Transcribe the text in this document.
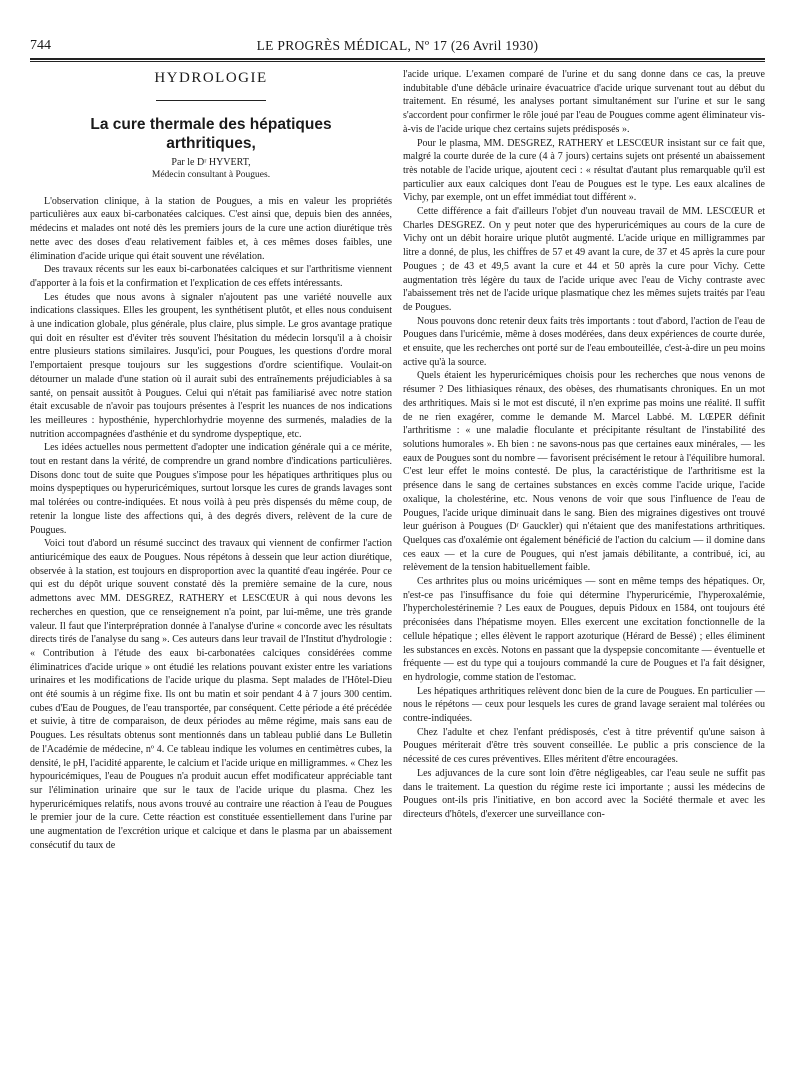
744	LE PROGRÈS MÉDICAL, Nº 17 (26 Avril 1930)
HYDROLOGIE
La cure thermale des hépatiques
arthritiques,
Par le Dʳ HYVERT,
Médecin consultant à Pougues.

L'observation clinique, à la station de Pougues, a mis en valeur les propriétés particulières aux eaux bi-carbonatées calciques. C'est ainsi que, depuis bien des années, médecins et malades ont noté dès les premiers jours de la cure une action diurétique très nette avec des doses d'eau relativement faibles et, à ces mêmes doses faibles, une élimination d'acide urique qui était souvent une révélation.

Des travaux récents sur les eaux bi-carbonatées calciques et sur l'arthritisme viennent d'apporter à la fois et la confirmation et l'explication de ces effets intéressants.

Les études que nous avons à signaler n'ajoutent pas une variété nouvelle aux indications classiques. Elles les groupent, les synthétisent plutôt, et elles nous conduisent à une indication globale, plus générale, plus claire, plus simple. Le gros avantage pratique qui doit en résulter est d'éviter très souvent l'hésitation du médecin lorsqu'il a à choisir entre plusieurs stations similaires. Jusqu'ici, pour Pougues, les questions d'ordre moral l'emportaient presque toujours sur les suggestions d'ordre scientifique. Voulait-on détourner un malade d'une station où il aurait subi des entraînements préjudiciables à sa santé, on pensait aussitôt à Pougues. Celui qui n'était pas familiarisé avec notre station était excusable de n'avoir pas toujours présentes à l'esprit les nuances de nos indications les meilleures : hyposthénie, hyperchlorhydrie moyenne des surmenés, maladies de la nutrition accompagnées d'asthénie et du syndrome dyspeptique, etc.

Les idées actuelles nous permettent d'adopter une indication générale qui a ce mérite, tout en restant dans la vérité, de comprendre un grand nombre d'indications particulières. Disons donc tout de suite que Pougues s'impose pour les hépatiques arthritiques plus ou moins dyspeptiques ou hyperuricémiques, surtout lorsque les cures de grands lavages sont mal tolérées ou contre-indiquées. Et nous voilà à peu près dispensés du même coup, de retenir la longue liste des affections qui, à des degrés divers, relèvent de la cure de Pougues.

Voici tout d'abord un résumé succinct des travaux qui viennent de confirmer l'action antiuricémique des eaux de Pougues. Nous répétons à dessein que leur action diurétique, observée à la station, est toujours en disproportion avec la quantité d'eau ingérée. Pour ce qui est du dépôt urique souvent constaté dès la première semaine de la cure, nous admettons avec MM. DESGREZ, RATHERY et LESCŒUR à qui nous devons les recherches en question, que ce renseignement n'a point, par lui-même, une très grande valeur. Il faut que l'interprépration donnée à l'analyse d'urine « concorde avec les résultats directs tirés de l'analyse du sang ». Ces auteurs dans leur travail de l'Institut d'hydrologie : « Contribution à l'étude des eaux bi-carbonatées calciques considérées comme éliminatrices d'acide urique » ont étudié les relations pouvant exister entre les variations urinaires et les modifications de l'acide urique du plasma. Sept malades de l'Hôtel-Dieu ont été soumis à un régime fixe. Ils ont bu matin et soir pendant 4 à 7 jours 300 centim. cubes d'Eau de Pougues, de l'eau transportée, par conséquent. Cette période a été précédée et suivie, à titre de comparaison, de deux périodes au même régime, mais sans eau de Pougues. Les résultats obtenus sont mentionnés dans un tableau publié dans Le Bulletin de l'Académie de médecine, nº 4. Ce tableau indique les volumes en centimètres cubes, la densité, le pH, l'acidité apparente, le calcium et l'acide urique en milligrammes. « Chez les hypouricémiques, l'eau de Pougues n'a produit aucun effet modificateur appréciable tant sur l'élimination urinaire que sur le taux de l'acide urique du plasma. Chez les hyperuricémiques relatifs, nous avons trouvé au contraire une réaction à l'eau de Pougues le premier jour de la cure. Cette réaction est constituée essentiellement dans l'urine par une augmentation de l'excrétion urique et calcique et dans le plasma par un abaissement consécutif du taux de

l'acide urique. L'examen comparé de l'urine et du sang donne dans ce cas, la preuve indubitable d'une débâcle urinaire évacuatrice d'acide urique survenant tout au début du traitement. En résumé, les analyses portant simultanément sur l'urine et sur le sang s'accordent pour confirmer le rôle joué par l'eau de Pougues comme agent éliminateur vis-à-vis de l'acide urique chez certains sujets prédisposés ».

Pour le plasma, MM. DESGREZ, RATHERY et LESCŒUR insistant sur ce fait que, malgré la courte durée de la cure (4 à 7 jours) certains sujets ont présenté un abaissement très notable de l'acide urique, ajoutent ceci : « résultat d'autant plus remarquable qu'il est particulier aux eaux calciques dont l'eau de Pougues est le type. Les eaux alcalines de Vichy, par exemple, ont un effet immédiat tout différent ».

Cette différence a fait d'ailleurs l'objet d'un nouveau travail de MM. LESCŒUR et Charles DESGREZ. On y peut noter que des hyperuricémiques au cours de la cure de Vichy ont un débit horaire urique plutôt augmenté. L'acide urique en milligrammes par litre a donné, de plus, les chiffres de 57 et 49 avant la cure, de 37 et 45 après la cure pour Pougues ; de 43 et 49,5 avant la cure et 44 et 50 après la cure pour Vichy. Cette augmentation très légère du taux de l'acide urique avec l'eau de Vichy contraste avec l'abaissement très net de l'acide urique plasmatique chez les mêmes sujets traités par l'eau de Pougues.

Nous pouvons donc retenir deux faits très importants : tout d'abord, l'action de l'eau de Pougues dans l'uricémie, même à doses modérées, dans deux expériences de courte durée, et ensuite, que les recherches ont porté sur de l'eau embouteillée, c'est-à-dire un peu moins active qu'à la source.

Quels étaient les hyperuricémiques choisis pour les recherches que nous venons de résumer ? Des lithiasiques rénaux, des obèses, des rhumatisants chroniques. En un mot des arthritiques. Mais si le mot est discuté, il n'en exprime pas moins une réalité. Il suffit de ne rien exagérer, comme le demande M. Marcel Labbé. M. LŒPER définit l'arthritisme : « une maladie floculante et précipitante résultant de l'instabilité des solutions humorales ». Eh bien : ne savons-nous pas que certaines eaux minérales, — les eaux de Pougues sont du nombre — favorisent précisément le retour à l'équilibre humoral. C'est leur effet le moins contesté. De plus, la caractéristique de l'arthritisme est la présence dans le sang de certaines substances en excès comme l'acide urique, l'acide oxalique, la cholestérine, etc. Nous venons de voir que sous l'influence de l'eau de Pougues, l'acide urique diminuait dans le sang. Bien des migraines digestives ont trouvé leur guérison à Pougues (Dʳ Gauckler) qui n'étaient que des manifestations arthritiques. Quelques cas d'oxalémie ont également bénéficié de l'action du calcium — il domine dans ces eaux — et la cure de Pougues, qui n'est jamais débilitante, a contribué, ici, au relèvement de la tension habituellement faible.

Ces arthrites plus ou moins uricémiques — sont en même temps des hépatiques. Or, n'est-ce pas l'insuffisance du foie qui détermine l'hyperuricémie, l'hyperoxalémie, l'hypercholestérinemie ? Les eaux de Pougues, depuis Pidoux en 1584, ont toujours été préconisées dans l'hépatisme moyen. Elles exercent une excitation fonctionnelle de la cellule hépatique ; elles élèvent le rapport azoturique (Hérard de Bessé) ; elles éliminent les substances en excès. Notons en passant que la dyspepsie concomitante — éventuelle et fréquente — est du type qui a toujours commandé la cure de Pougues et l'a fait désigner, en hydrologie, comme station de l'estomac.

Les hépatiques arthritiques relèvent donc bien de la cure de Pougues. En particulier — nous le répétons — ceux pour lesquels les cures de grand lavage seraient mal tolérées ou contre-indiquées.

Chez l'adulte et chez l'enfant prédisposés, c'est à titre préventif qu'une saison à Pougues mériterait d'être très souvent conseillée. Le public a pris conscience de la nécessité de ces cures préventives. Elles méritent d'être encouragées.

Les adjuvances de la cure sont loin d'être négligeables, car l'eau seule ne suffit pas dans le traitement. La question du régime reste ici importante ; aussi les médecins de Pougues ont-ils pris l'initiative, en bon accord avec la Société thermale et avec les directeurs d'hôtels, d'exercer une surveillance con-
